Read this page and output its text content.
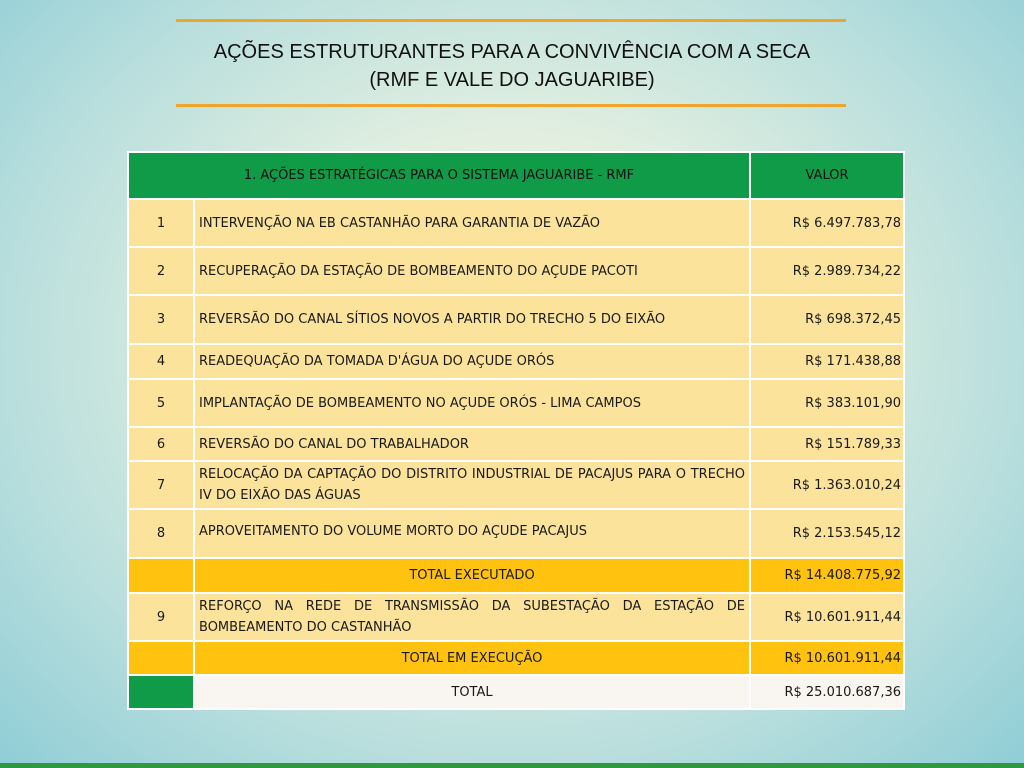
AÇÕES ESTRUTURANTES PARA A CONVIVÊNCIA COM A SECA
(RMF E VALE DO JAGUARIBE)
1. AÇÕES ESTRATÉGICAS PARA O SISTEMA JAGUARIBE - RMF		VALOR
1	INTERVENÇÃO NA EB CASTANHÃO PARA GARANTIA DE VAZÃO	R$ 6.497.783,78
2	RECUPERAÇÃO DA ESTAÇÃO DE BOMBEAMENTO DO AÇUDE PACOTI	R$ 2.989.734,22
3	REVERSÃO DO CANAL SÍTIOS NOVOS A PARTIR DO TRECHO 5 DO EIXÃO	R$ 698.372,45
4	READEQUAÇÃO DA TOMADA D'ÁGUA DO AÇUDE ORÓS	R$ 171.438,88
5	IMPLANTAÇÃO DE BOMBEAMENTO NO AÇUDE ORÓS - LIMA CAMPOS	R$ 383.101,90
6	REVERSÃO DO CANAL DO TRABALHADOR	R$ 151.789,33
7	RELOCAÇÃO DA CAPTAÇÃO DO DISTRITO INDUSTRIAL DE PACAJUS PARA O TRECHO IV DO EIXÃO DAS ÁGUAS	R$ 1.363.010,24
8	APROVEITAMENTO DO VOLUME MORTO DO AÇUDE PACAJUS	R$ 2.153.545,12
	TOTAL EXECUTADO	R$ 14.408.775,92
9	REFORÇO NA REDE DE TRANSMISSÃO DA SUBESTAÇÃO DA ESTAÇÃO DE BOMBEAMENTO DO CASTANHÃO	R$ 10.601.911,44
	TOTAL EM EXECUÇÃO	R$ 10.601.911,44
	TOTAL	R$ 25.010.687,36
